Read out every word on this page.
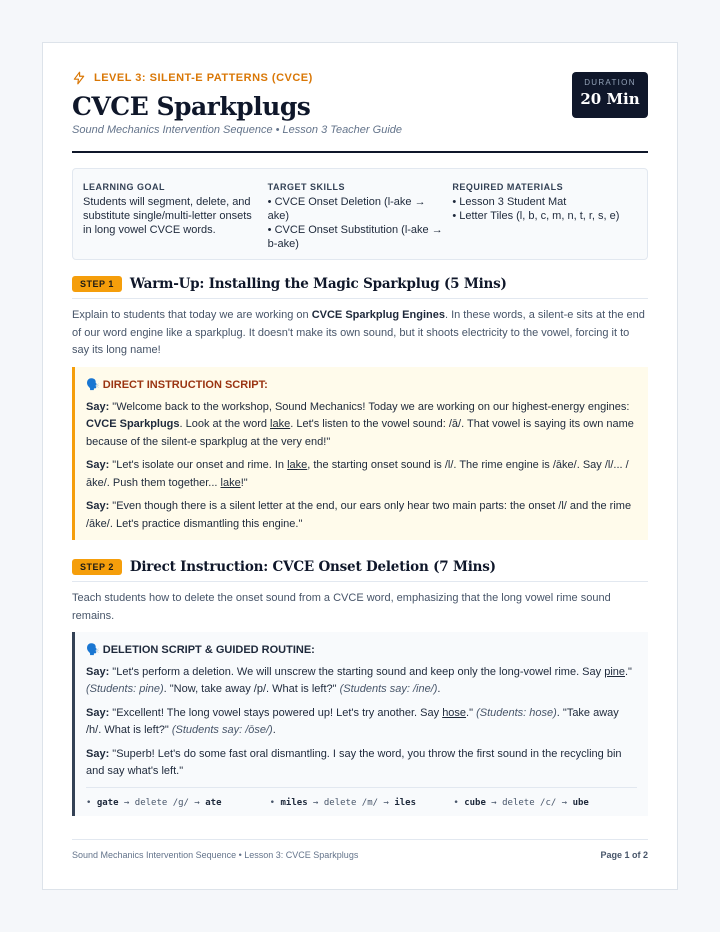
LEVEL 3: SILENT-E PATTERNS (CVCE)
CVCE Sparkplugs
Sound Mechanics Intervention Sequence • Lesson 3 Teacher Guide
DURATION
20 Min
LEARNING GOAL
Students will segment, delete, and substitute single/multi-letter onsets in long vowel CVCE words.
TARGET SKILLS
• CVCE Onset Deletion (l-ake → ake)
• CVCE Onset Substitution (l-ake → b-ake)
REQUIRED MATERIALS
• Lesson 3 Student Mat
• Letter Tiles (l, b, c, m, n, t, r, s, e)
STEP 1	Warm-Up: Installing the Magic Sparkplug (5 Mins)
Explain to students that today we are working on CVCE Sparkplug Engines. In these words, a silent-e sits at the end of our word engine like a sparkplug. It doesn't make its own sound, but it shoots electricity to the vowel, forcing it to say its long name!
🗣️ DIRECT INSTRUCTION SCRIPT:

Say: "Welcome back to the workshop, Sound Mechanics! Today we are working on our highest-energy engines: CVCE Sparkplugs. Look at the word lake. Let's listen to the vowel sound: /ā/. That vowel is saying its own name because of the silent-e sparkplug at the very end!"

Say: "Let's isolate our onset and rime. In lake, the starting onset sound is /l/. The rime engine is /āke/. Say /l/... /āke/. Push them together... lake!"

Say: "Even though there is a silent letter at the end, our ears only hear two main parts: the onset /l/ and the rime /āke/. Let's practice dismantling this engine."

STEP 2	Direct Instruction: CVCE Onset Deletion (7 Mins)
Teach students how to delete the onset sound from a CVCE word, emphasizing that the long vowel rime sound remains.
🗣️ DELETION SCRIPT & GUIDED ROUTINE:

Say: "Let's perform a deletion. We will unscrew the starting sound and keep only the long-vowel rime. Say pine." (Students: pine). "Now, take away /p/. What is left?" (Students say: /ine/).

Say: "Excellent! The long vowel stays powered up! Let's try another. Say hose." (Students: hose). "Take away /h/. What is left?" (Students say: /ōse/).

Say: "Superb! Let's do some fast oral dismantling. I say the word, you throw the first sound in the recycling bin and say what's left."

• gate → delete /g/ → ate	• miles → delete /m/ → iles	• cube → delete /c/ → ube
Sound Mechanics Intervention Sequence • Lesson 3: CVCE Sparkplugs	Page 1 of 2
